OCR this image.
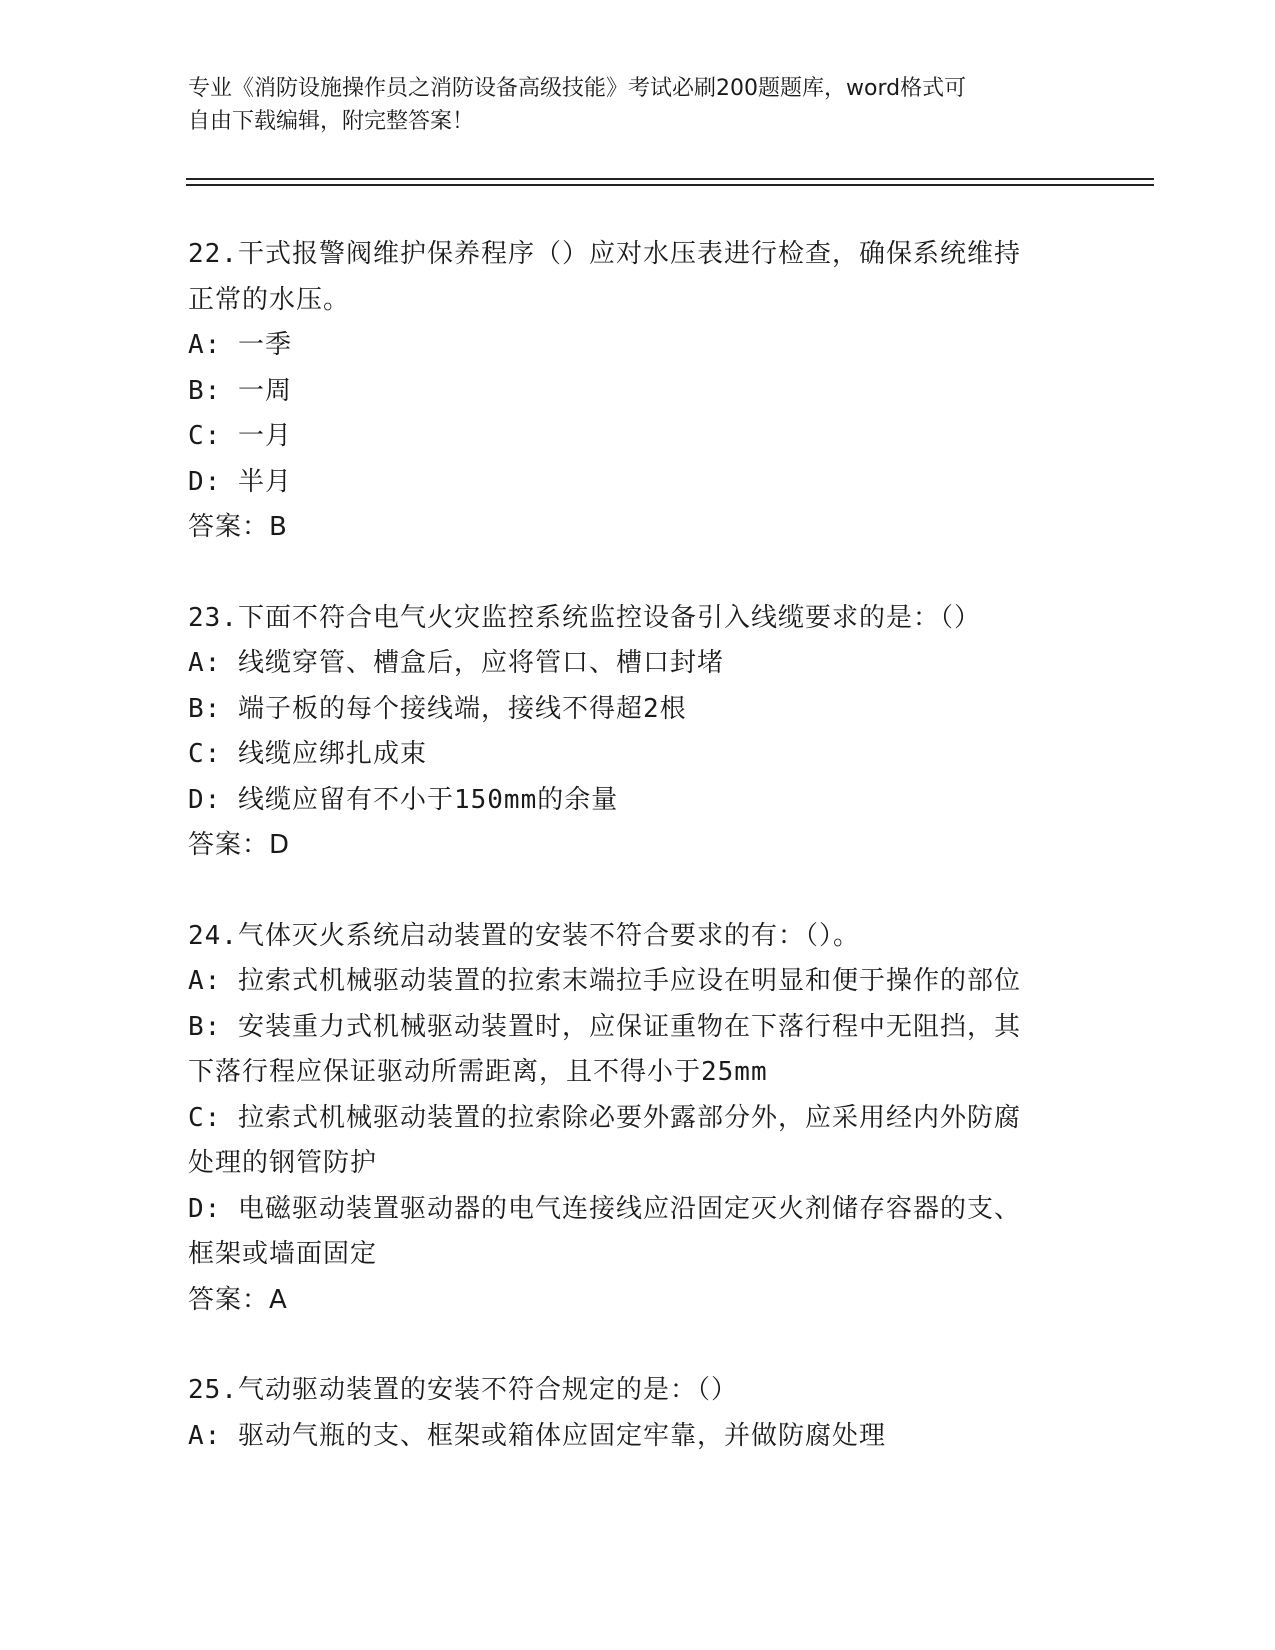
专业《消防设施操作员之消防设备高级技能》考试必刷200题题库，word格式可
自由下载编辑，附完整答案！
22.干式报警阀维护保养程序（）应对水压表进行检查，确保系统维持
正常的水压。
A: 一季
B: 一周
C: 一月
D: 半月
答案：B
23.下面不符合电气火灾监控系统监控设备引入线缆要求的是：（）
A: 线缆穿管、槽盒后，应将管口、槽口封堵
B: 端子板的每个接线端，接线不得超2根
C: 线缆应绑扎成束
D: 线缆应留有不小于150mm的余量
答案：D
24.气体灭火系统启动装置的安装不符合要求的有：（）。
A: 拉索式机械驱动装置的拉索末端拉手应设在明显和便于操作的部位
B: 安装重力式机械驱动装置时，应保证重物在下落行程中无阻挡，其
下落行程应保证驱动所需距离，且不得小于25mm
C: 拉索式机械驱动装置的拉索除必要外露部分外，应采用经内外防腐
处理的钢管防护
D: 电磁驱动装置驱动器的电气连接线应沿固定灭火剂储存容器的支、
框架或墙面固定
答案：A
25.气动驱动装置的安装不符合规定的是：（）
A: 驱动气瓶的支、框架或箱体应固定牢靠，并做防腐处理
